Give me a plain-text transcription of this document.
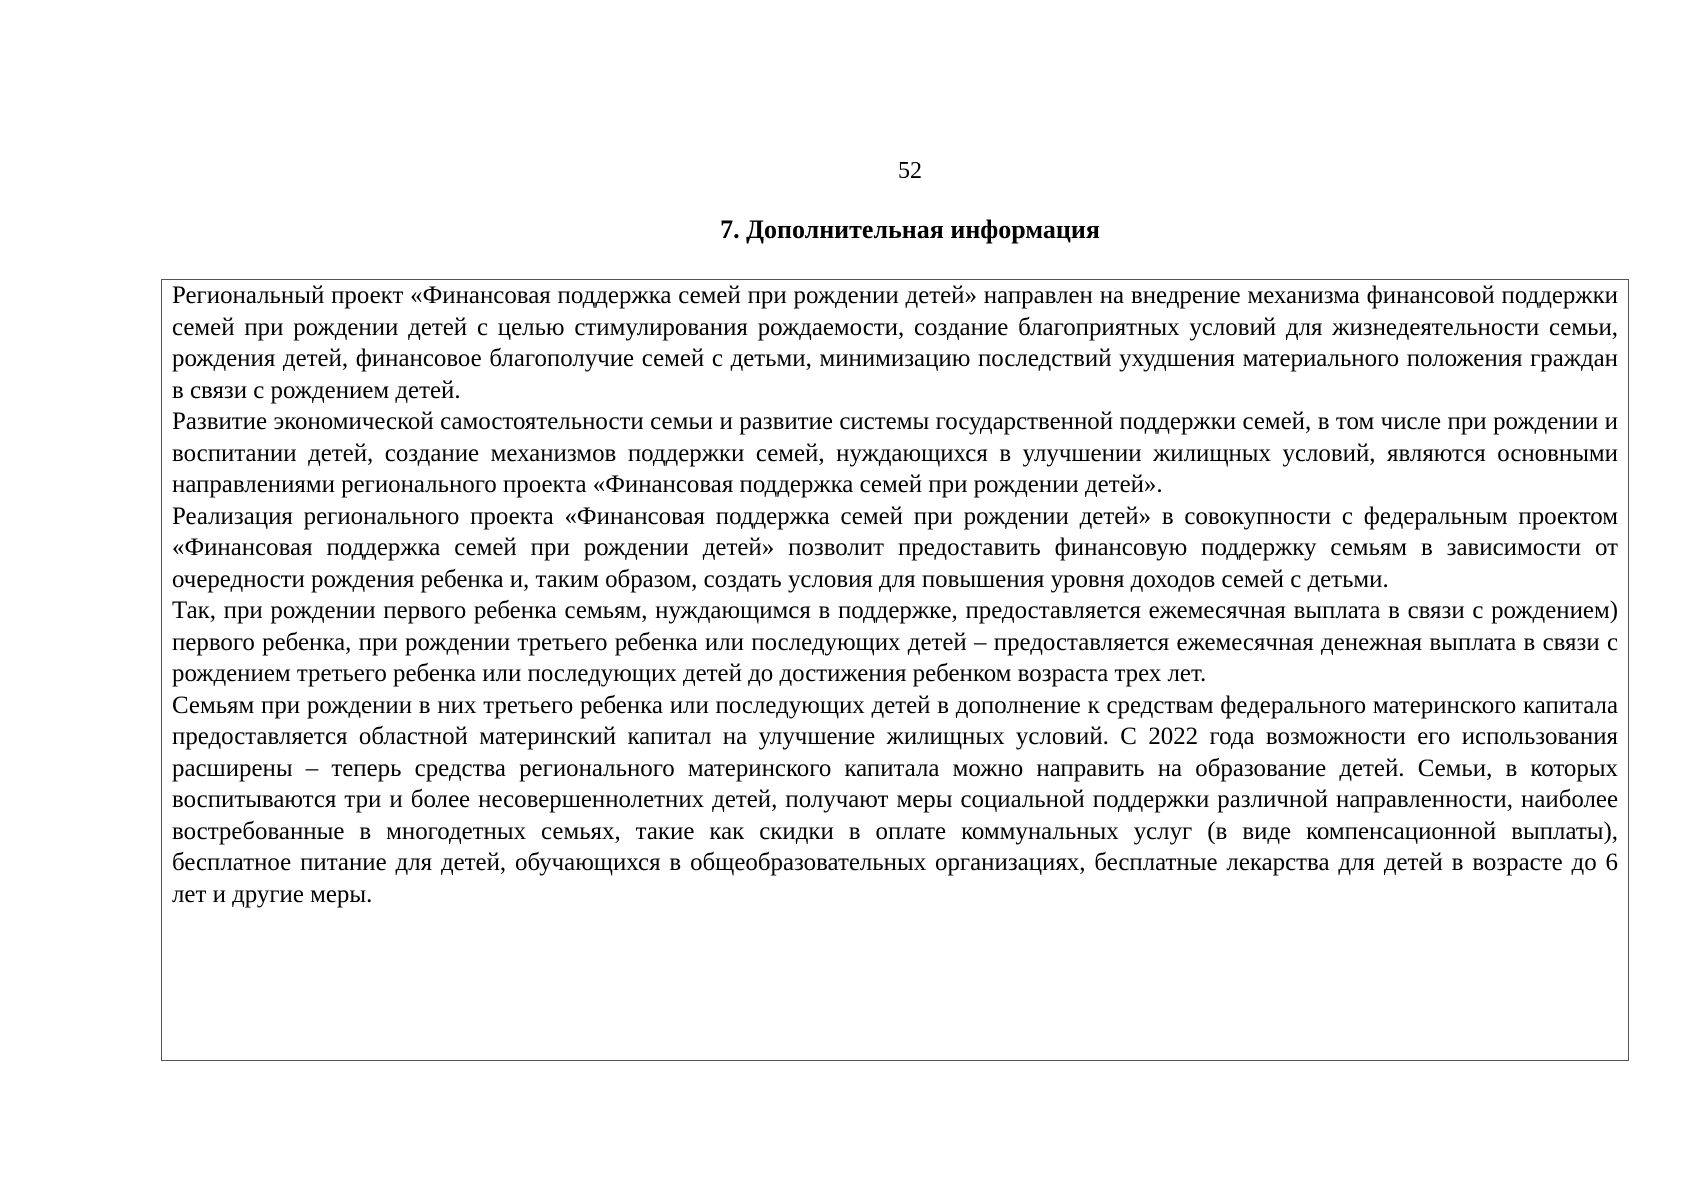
52
7. Дополнительная информация

Региональный проект «Финансовая поддержка семей при рождении детей» направлен на внедрение механизма финансовой поддержки семей при рождении детей с целью стимулирования рождаемости, создание благоприятных условий для жизнедеятельности семьи, рождения детей, финансовое благополучие семей с детьми, минимизацию последствий ухудшения материального положения граждан в связи с рождением детей.

Развитие экономической самостоятельности семьи и развитие системы государственной поддержки семей, в том числе при рождении и воспитании детей, создание механизмов поддержки семей, нуждающихся в улучшении жилищных условий, являются основными направлениями регионального проекта «Финансовая поддержка семей при рождении детей».

Реализация регионального проекта «Финансовая поддержка семей при рождении детей» в совокупности с федеральным проектом «Финансовая поддержка семей при рождении детей» позволит предоставить финансовую поддержку семьям в зависимости от очередности рождения ребенка и, таким образом, создать условия для повышения уровня доходов семей с детьми.

Так, при рождении первого ребенка семьям, нуждающимся в поддержке, предоставляется ежемесячная выплата в связи с рождением) первого ребенка, при рождении третьего ребенка или последующих детей – предоставляется ежемесячная денежная выплата в связи с рождением третьего ребенка или последующих детей до достижения ребенком возраста трех лет.

Семьям при рождении в них третьего ребенка или последующих детей в дополнение к средствам федерального материнского капитала предоставляется областной материнский капитал на улучшение жилищных условий. С 2022 года возможности его использования расширены – теперь средства регионального материнского капитала можно направить на образование детей. Семьи, в которых воспитываются три и более несовершеннолетних детей, получают меры социальной поддержки различной направленности, наиболее востребованные в многодетных семьях, такие как скидки в оплате коммунальных услуг (в виде компенсационной выплаты), бесплатное питание для детей, обучающихся в общеобразовательных организациях, бесплатные лекарства для детей в возрасте до 6 лет и другие меры.
